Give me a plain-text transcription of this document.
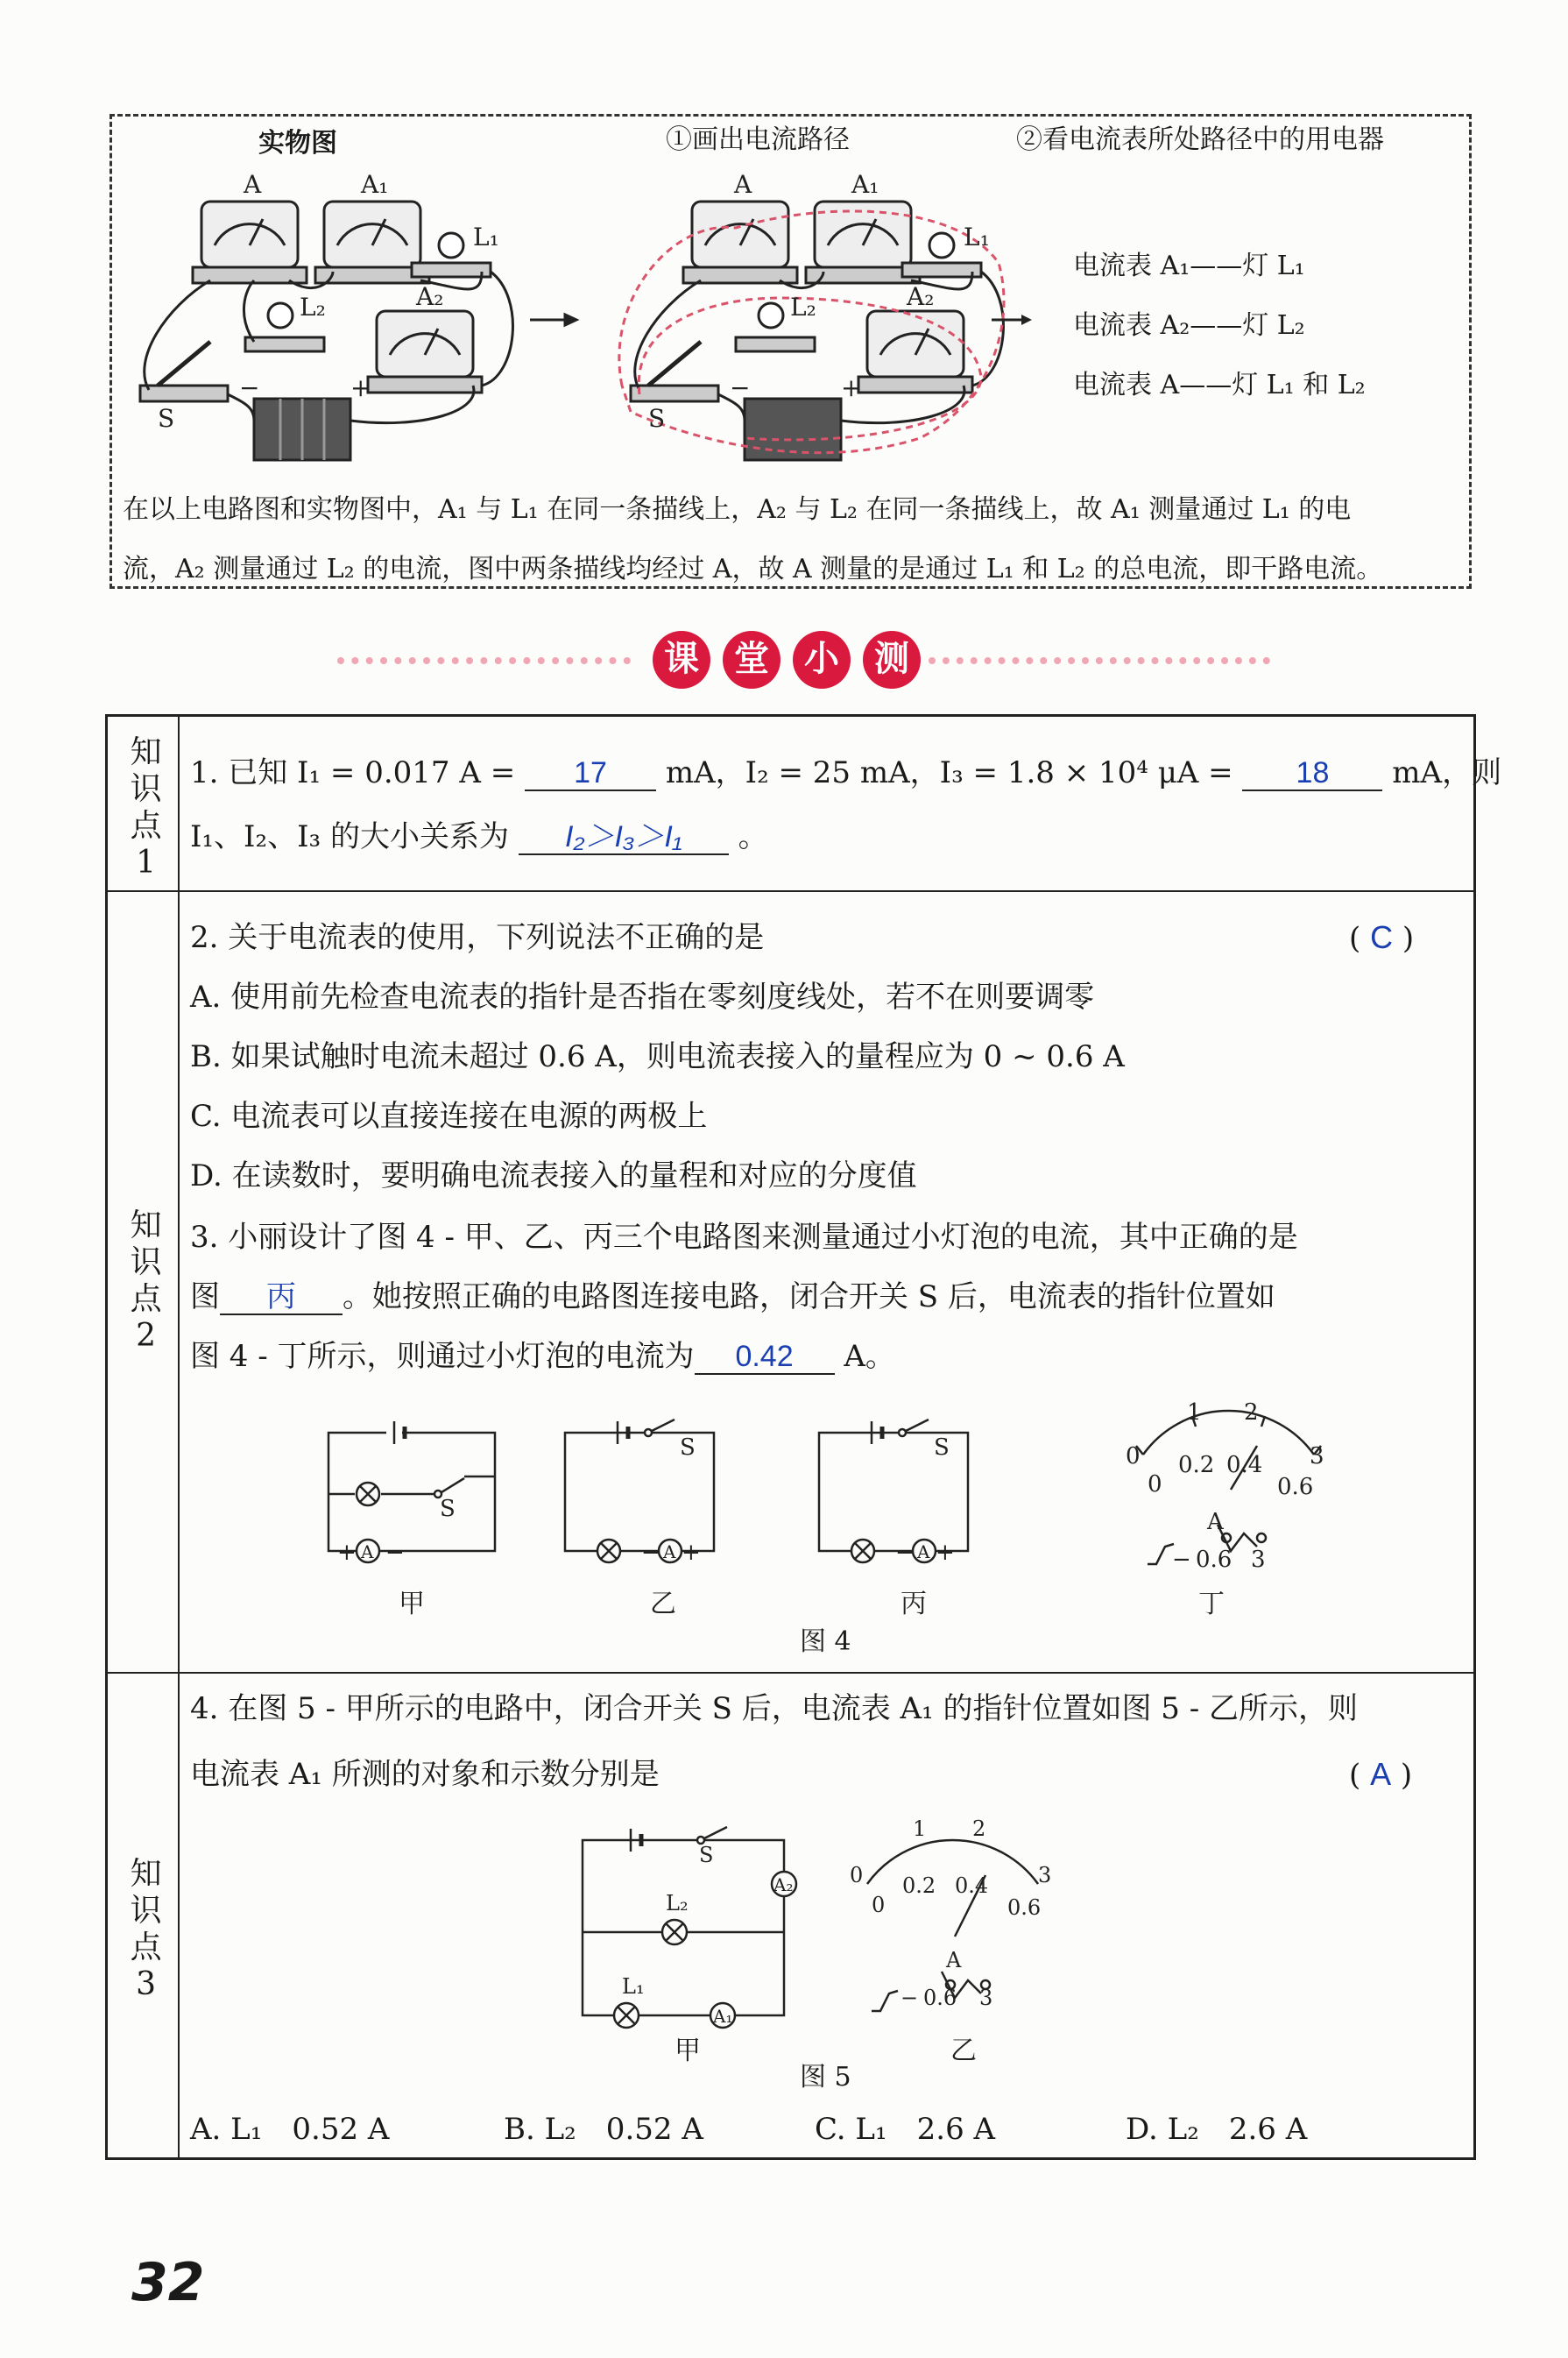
实物图	①画出电流路径	②看电流表所处路径中的用电器
A	A₁
L₁
L₂	A₂
S
−	+
A	A₁
L₁
L₂	A₂
S
−	+
电流表 A₁——灯 L₁
电流表 A₂——灯 L₂
电流表 A——灯 L₁ 和 L₂
在以上电路图和实物图中，A₁ 与 L₁ 在同一条描线上，A₂ 与 L₂ 在同一条描线上，故 A₁ 测量通过 L₁ 的电
流，A₂ 测量通过 L₂ 的电流，图中两条描线均经过 A，故 A 测量的是通过 L₁ 和 L₂ 的总电流，即干路电流。
课	堂	小	测
知识点1
知识点2
知识点3
1. 已知 I₁ = 0.017 A = 17 mA，I₂ = 25 mA，I₃ = 1.8 × 10⁴ μA = 18 mA，则
I₁、I₂、I₃ 的大小关系为 I₂＞I₃＞I₁ 。
2. 关于电流表的使用，下列说法不正确的是	( C )
A. 使用前先检查电流表的指针是否指在零刻度线处，若不在则要调零
B. 如果试触时电流未超过 0.6 A，则电流表接入的量程应为 0 ~ 0.6 A
C. 电流表可以直接连接在电源的两极上
D. 在读数时，要明确电流表接入的量程和对应的分度值
3. 小丽设计了图 4 - 甲、乙、丙三个电路图来测量通过小灯泡的电流，其中正确的是
图 丙 。她按照正确的电路图连接电路，闭合开关 S 后，电流表的指针位置如
图 4 - 丁所示，则通过小灯泡的电流为 0.42 A。
S
A
+ −
S
A
− +
S
A
− +
0
1 2
3
0
0.2 0.4
0.6
A
− 0.6 3
甲	乙	丙	丁
图 4
4. 在图 5 - 甲所示的电路中，闭合开关 S 后，电流表 A₁ 的指针位置如图 5 - 乙所示，则
电流表 A₁ 所测的对象和示数分别是	( A )
S
L₂
L₁
A₁
A₂	0
1 2
3
0
0.2 0.4
0.6
A
− 0.6 3
甲	乙
图 5
A. L₁　0.52 A	B. L₂　0.52 A	C. L₁　2.6 A	D. L₂　2.6 A
32
